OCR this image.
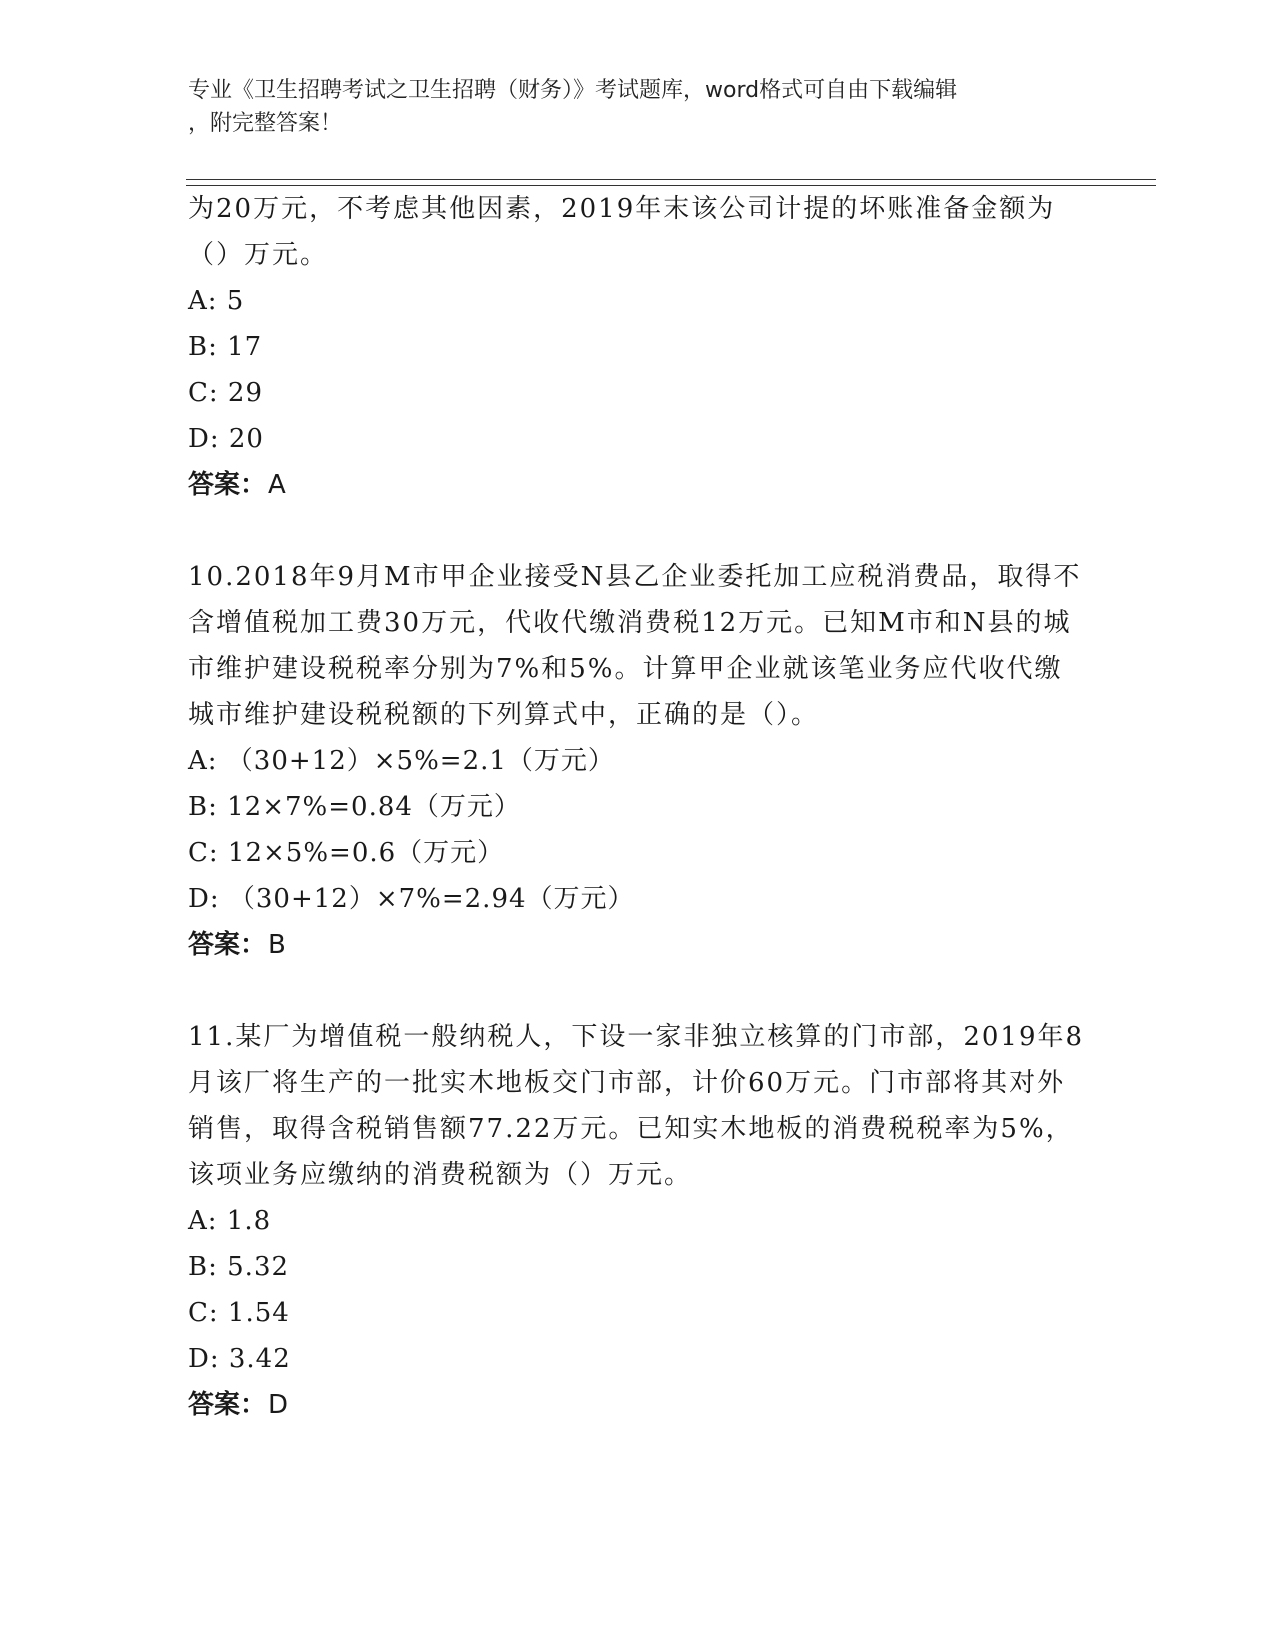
专业《卫生招聘考试之卫生招聘（财务）》考试题库，word格式可自由下载编辑
，附完整答案！
为20万元，不考虑其他因素，2019年末该公司计提的坏账准备金额为（）万元。
A: 5
B: 17
C: 29
D: 20
答案：A
10.2018年9月M市甲企业接受N县乙企业委托加工应税消费品，取得不含增值税加工费30万元，代收代缴消费税12万元。已知M市和N县的城市维护建设税税率分别为7%和5%。计算甲企业就该笔业务应代收代缴城市维护建设税税额的下列算式中，正确的是（）。
A: （30+12）×5%=2.1（万元）
B: 12×7%=0.84（万元）
C: 12×5%=0.6（万元）
D: （30+12）×7%=2.94（万元）
答案：B
11.某厂为增值税一般纳税人，下设一家非独立核算的门市部，2019年8月该厂将生产的一批实木地板交门市部，计价60万元。门市部将其对外销售，取得含税销售额77.22万元。已知实木地板的消费税税率为5%，该项业务应缴纳的消费税额为（）万元。
A: 1.8
B: 5.32
C: 1.54
D: 3.42
答案：D
